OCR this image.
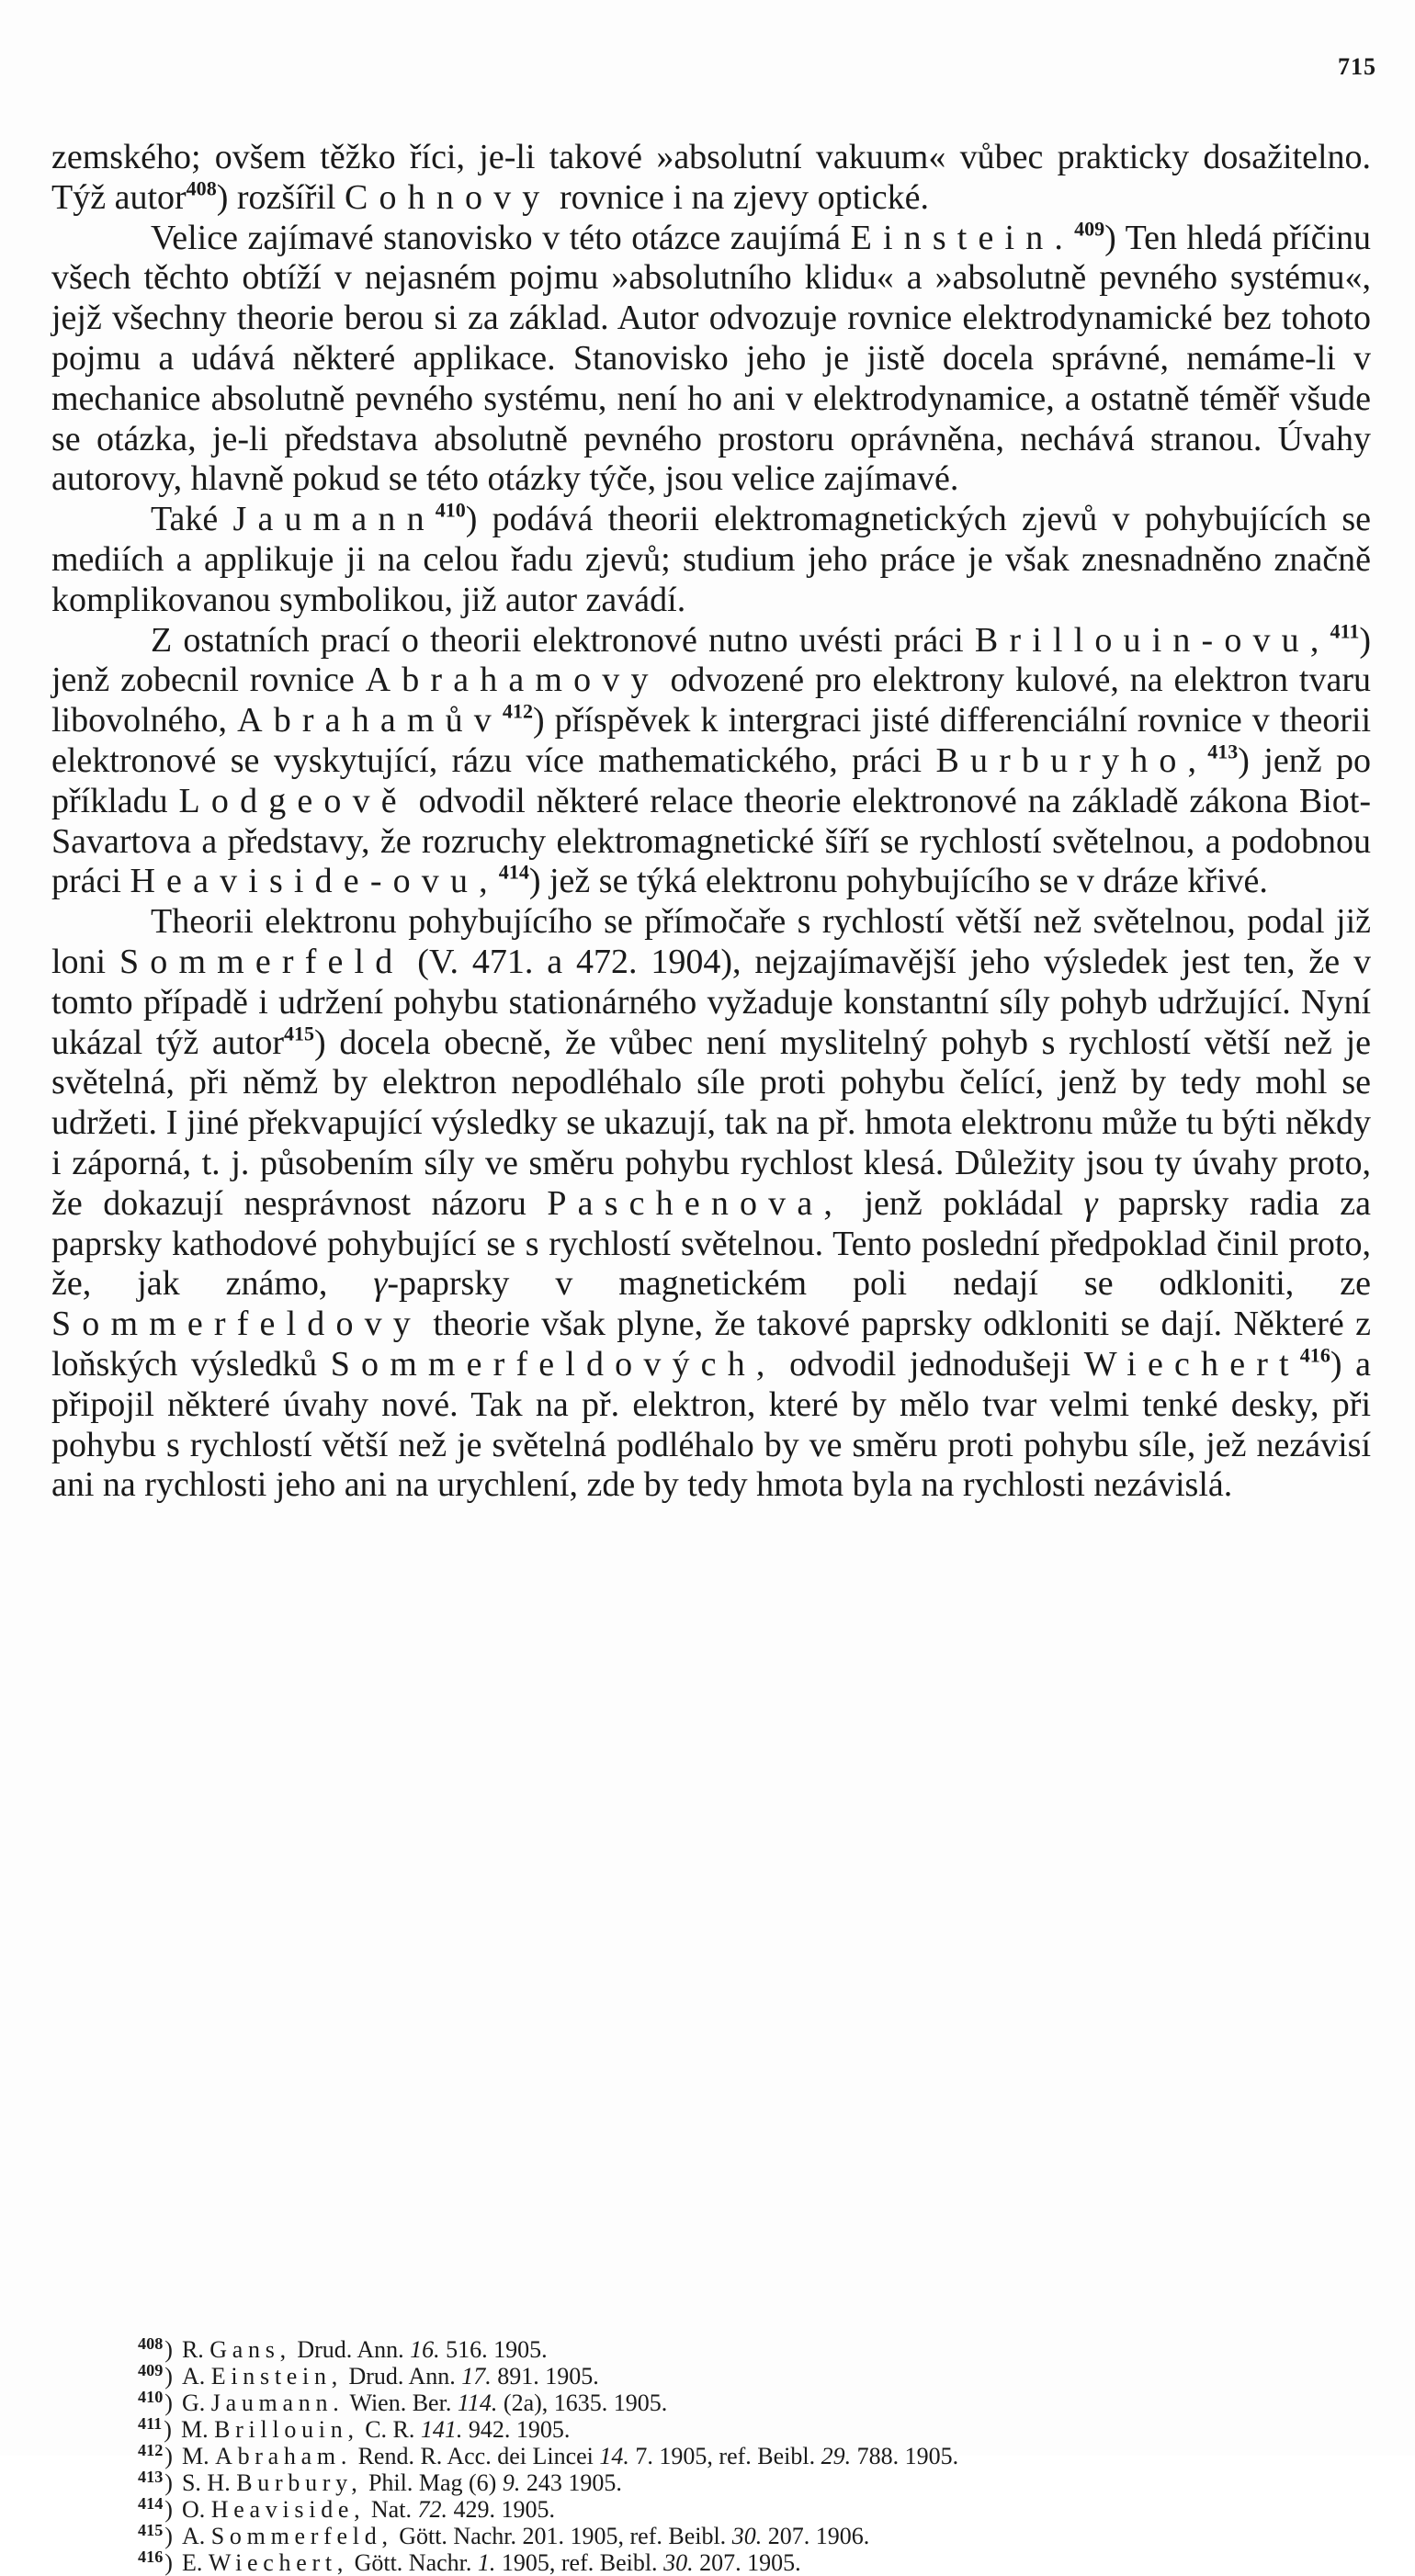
715

zemského; ovšem těžko říci, je-li takové »absolutní vakuum« vůbec prakticky dosažitelno. Týž autor$^{408}$) rozšířil Cohnovy rovnice i na zjevy optické.

Velice zajímavé stanovisko v této otázce zaujímá Einstein.$^{409}$) Ten hledá příčinu všech těchto obtíží v nejasném pojmu »absolutního klidu« a »absolutně pevného systému«, jejž všechny theorie berou si za základ. Autor odvozuje rovnice elektrodynamické bez tohoto pojmu a udává některé applikace. Stanovisko jeho je jistě docela správné, nemáme-li v mechanice absolutně pevného systému, není ho ani v elektrodynamice, a ostatně téměř všude se otázka, je-li představa absolutně pevného prostoru oprávněna, nechává stranou. Úvahy autorovy, hlavně pokud se této otázky týče, jsou velice zajímavé.

Také Jaumann$^{410}$) podává theorii elektromagnetických zjevů v pohybujících se mediích a applikuje ji na celou řadu zjevů; studium jeho práce je však znesnadněno značně komplikovanou symbolikou, již autor zavádí.

Z ostatních prací o theorii elektronové nutno uvésti práci Brillouin-ovu,$^{411}$) jenž zobecnil rovnice Abrahamovy odvozené pro elektrony kulové, na elektron tvaru libovolného, Abrahamův$^{412}$) příspěvek k intergraci jisté differenciální rovnice v theorii elektronové se vyskytující, rázu více mathematického, práci Burburyho,$^{413}$) jenž po příkladu Lodgeově odvodil některé relace theorie elektronové na základě zákona Biot-Savartova a představy, že rozruchy elektromagnetické šíří se rychlostí světelnou, a podobnou práci Heaviside-ovu,$^{414}$) jež se týká elektronu pohybujícího se v dráze křivé.

Theorii elektronu pohybujícího se přímočaře s rychlostí větší než světelnou, podal již loni Sommerfeld (V. 471. a 472. 1904), nejzajímavější jeho výsledek jest ten, že v tomto případě i udržení pohybu stationárného vyžaduje konstantní síly pohyb udržující. Nyní ukázal týž autor$^{415}$) docela obecně, že vůbec není myslitelný pohyb s rychlostí větší než je světelná, při němž by elektron nepodléhalo síle proti pohybu čelící, jenž by tedy mohl se udržeti. I jiné překvapující výsledky se ukazují, tak na př. hmota elektronu může tu býti někdy i záporná, t. j. působením síly ve směru pohybu rychlost klesá. Důležity jsou ty úvahy proto, že dokazují nesprávnost názoru Paschenova, jenž pokládal γ paprsky radia za paprsky kathodové pohybující se s rychlostí světelnou. Tento poslední předpoklad činil proto, že, jak známo, γ-paprsky v magnetickém poli nedají se odkloniti, ze Sommerfeldovy theorie však plyne, že takové paprsky odkloniti se dají. Některé z loňských výsledků Sommerfeldových, odvodil jednodušeji Wiechert$^{416}$) a připojil některé úvahy nové. Tak na př. elektron, které by mělo tvar velmi tenké desky, při pohybu s rychlostí větší než je světelná podléhalo by ve směru proti pohybu síle, jež nezávisí ani na rychlosti jeho ani na urychlení, zde by tedy hmota byla na rychlosti nezávislá.

$^{408}$) R. Gans, Drud. Ann. 16. 516. 1905.
$^{409}$) A. Einstein, Drud. Ann. 17. 891. 1905.
$^{410}$) G. Jaumann. Wien. Ber. 114. (2a), 1635. 1905.
$^{411}$) M. Brillouin, C. R. 141. 942. 1905.
$^{412}$) M. Abraham. Rend. R. Acc. dei Lincei 14. 7. 1905, ref. Beibl. 29. 788. 1905.
$^{413}$) S. H. Burbury, Phil. Mag (6) 9. 243 1905.
$^{414}$) O. Heaviside, Nat. 72. 429. 1905.
$^{415}$) A. Sommerfeld, Gött. Nachr. 201. 1905, ref. Beibl. 30. 207. 1906.
$^{416}$) E. Wiechert, Gött. Nachr. 1. 1905, ref. Beibl. 30. 207. 1905.
